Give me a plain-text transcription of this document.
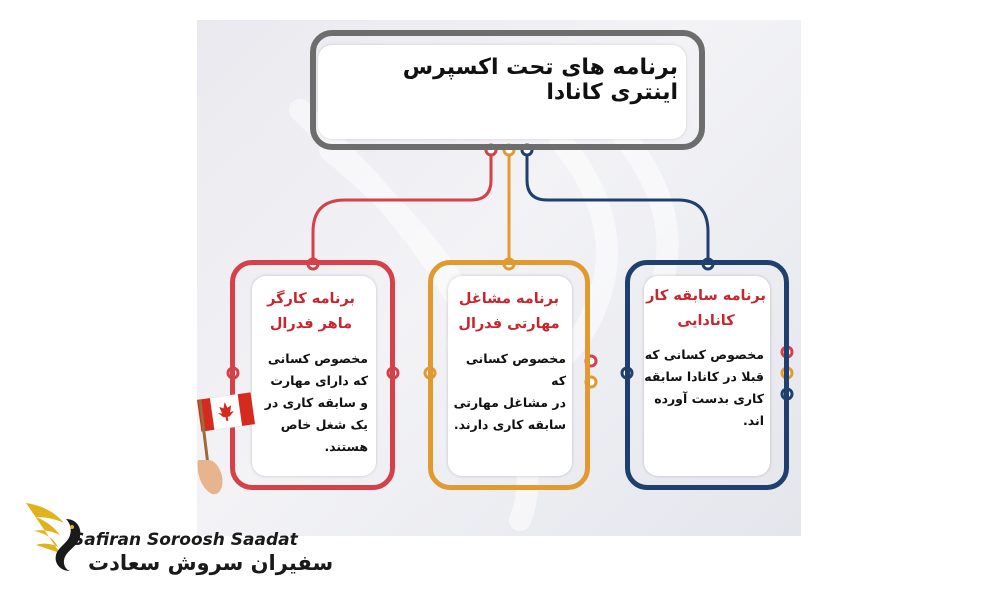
برنامه های تحت اکسپرس اینتری کانادا
برنامه کارگر
ماهر فدرال
مخصوص کسانی
که دارای مهارت
و سابقه کاری در
یک شغل خاص
هستند.
برنامه مشاغل
مهارتی فدرال
مخصوص کسانی که
در مشاغل مهارتی
سابقه کاری دارند.
برنامه سابقه کار
کانادایی
مخصوص کسانی که
قبلا در کانادا سابقه
کاری بدست آورده
اند.
Safiran Soroosh Saadat
سفیران سروش سعادت
